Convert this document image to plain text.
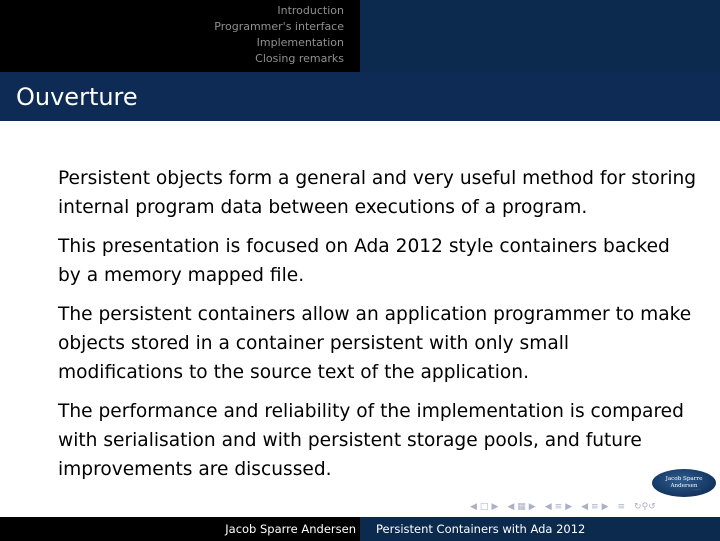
Introduction
Programmer's interface
Implementation
Closing remarks
Ouverture

Persistent objects form a general and very useful method for storing internal program data between executions of a program.

This presentation is focused on Ada 2012 style containers backed by a memory mapped file.

The persistent containers allow an application programmer to make objects stored in a container persistent with only small modifications to the source text of the application.

The performance and reliability of the implementation is compared with serialisation and with persistent storage pools, and future improvements are discussed.	Jacob Sparre Andersen
······
◀ □ ▶ ◀ ▦ ▶ ◀ ≡ ▶ ◀ ≡ ▶ ≡ ↻⚲↺
Jacob Sparre Andersen Persistent Containers with Ada 2012
